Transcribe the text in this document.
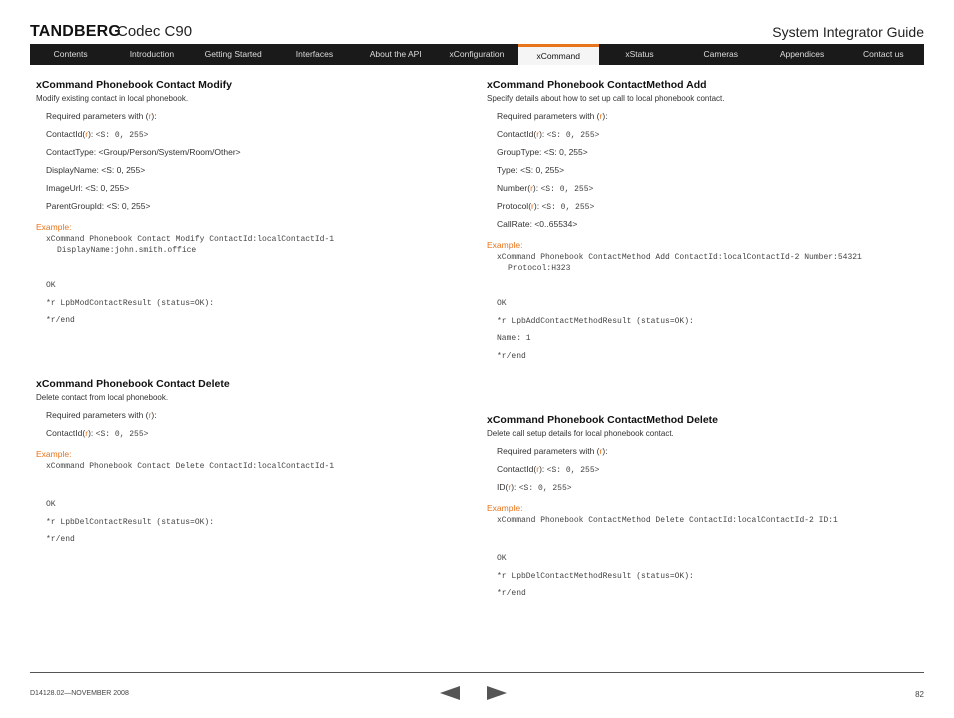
TANDBERG
Codec C90	System Integrator Guide
Contents	Introduction	Getting Started	Interfaces	About the API	xConfiguration	xCommand	xStatus	Cameras	Appendices	Contact us
xCommand Phonebook Contact Modify
Modify existing contact in local phonebook.
Required parameters with (r):
ContactId(r): <S: 0, 255>
ContactType: <Group/Person/System/Room/Other>
DisplayName: <S: 0, 255>
ImageUrl: <S: 0, 255>
ParentGroupId: <S: 0, 255>
Example:
xCommand Phonebook Contact Modify ContactId:localContactId-1
DisplayName:john.smith.office
OK
*r LpbModContactResult (status=OK):
*r/end
xCommand Phonebook Contact Delete
Delete contact from local phonebook.
Required parameters with (r):
ContactId(r): <S: 0, 255>
Example:
xCommand Phonebook Contact Delete ContactId:localContactId-1
OK
*r LpbDelContactResult (status=OK):
*r/end
xCommand Phonebook ContactMethod Add
Specify details about how to set up call to local phonebook contact.
Required parameters with (r):
ContactId(r): <S: 0, 255>
GroupType: <S: 0, 255>
Type: <S: 0, 255>
Number(r): <S: 0, 255>
Protocol(r): <S: 0, 255>
CallRate: <0..65534>
Example:
xCommand Phonebook ContactMethod Add ContactId:localContactId-2 Number:54321
Protocol:H323
OK
*r LpbAddContactMethodResult (status=OK):
Name: 1
*r/end
xCommand Phonebook ContactMethod Delete
Delete call setup details for local phonebook contact.
Required parameters with (r):
ContactId(r): <S: 0, 255>
ID(r): <S: 0, 255>
Example:
xCommand Phonebook ContactMethod Delete ContactId:localContactId-2 ID:1
OK
*r LpbDelContactMethodResult (status=OK):
*r/end
D14128.02—NOVEMBER 2008	82
